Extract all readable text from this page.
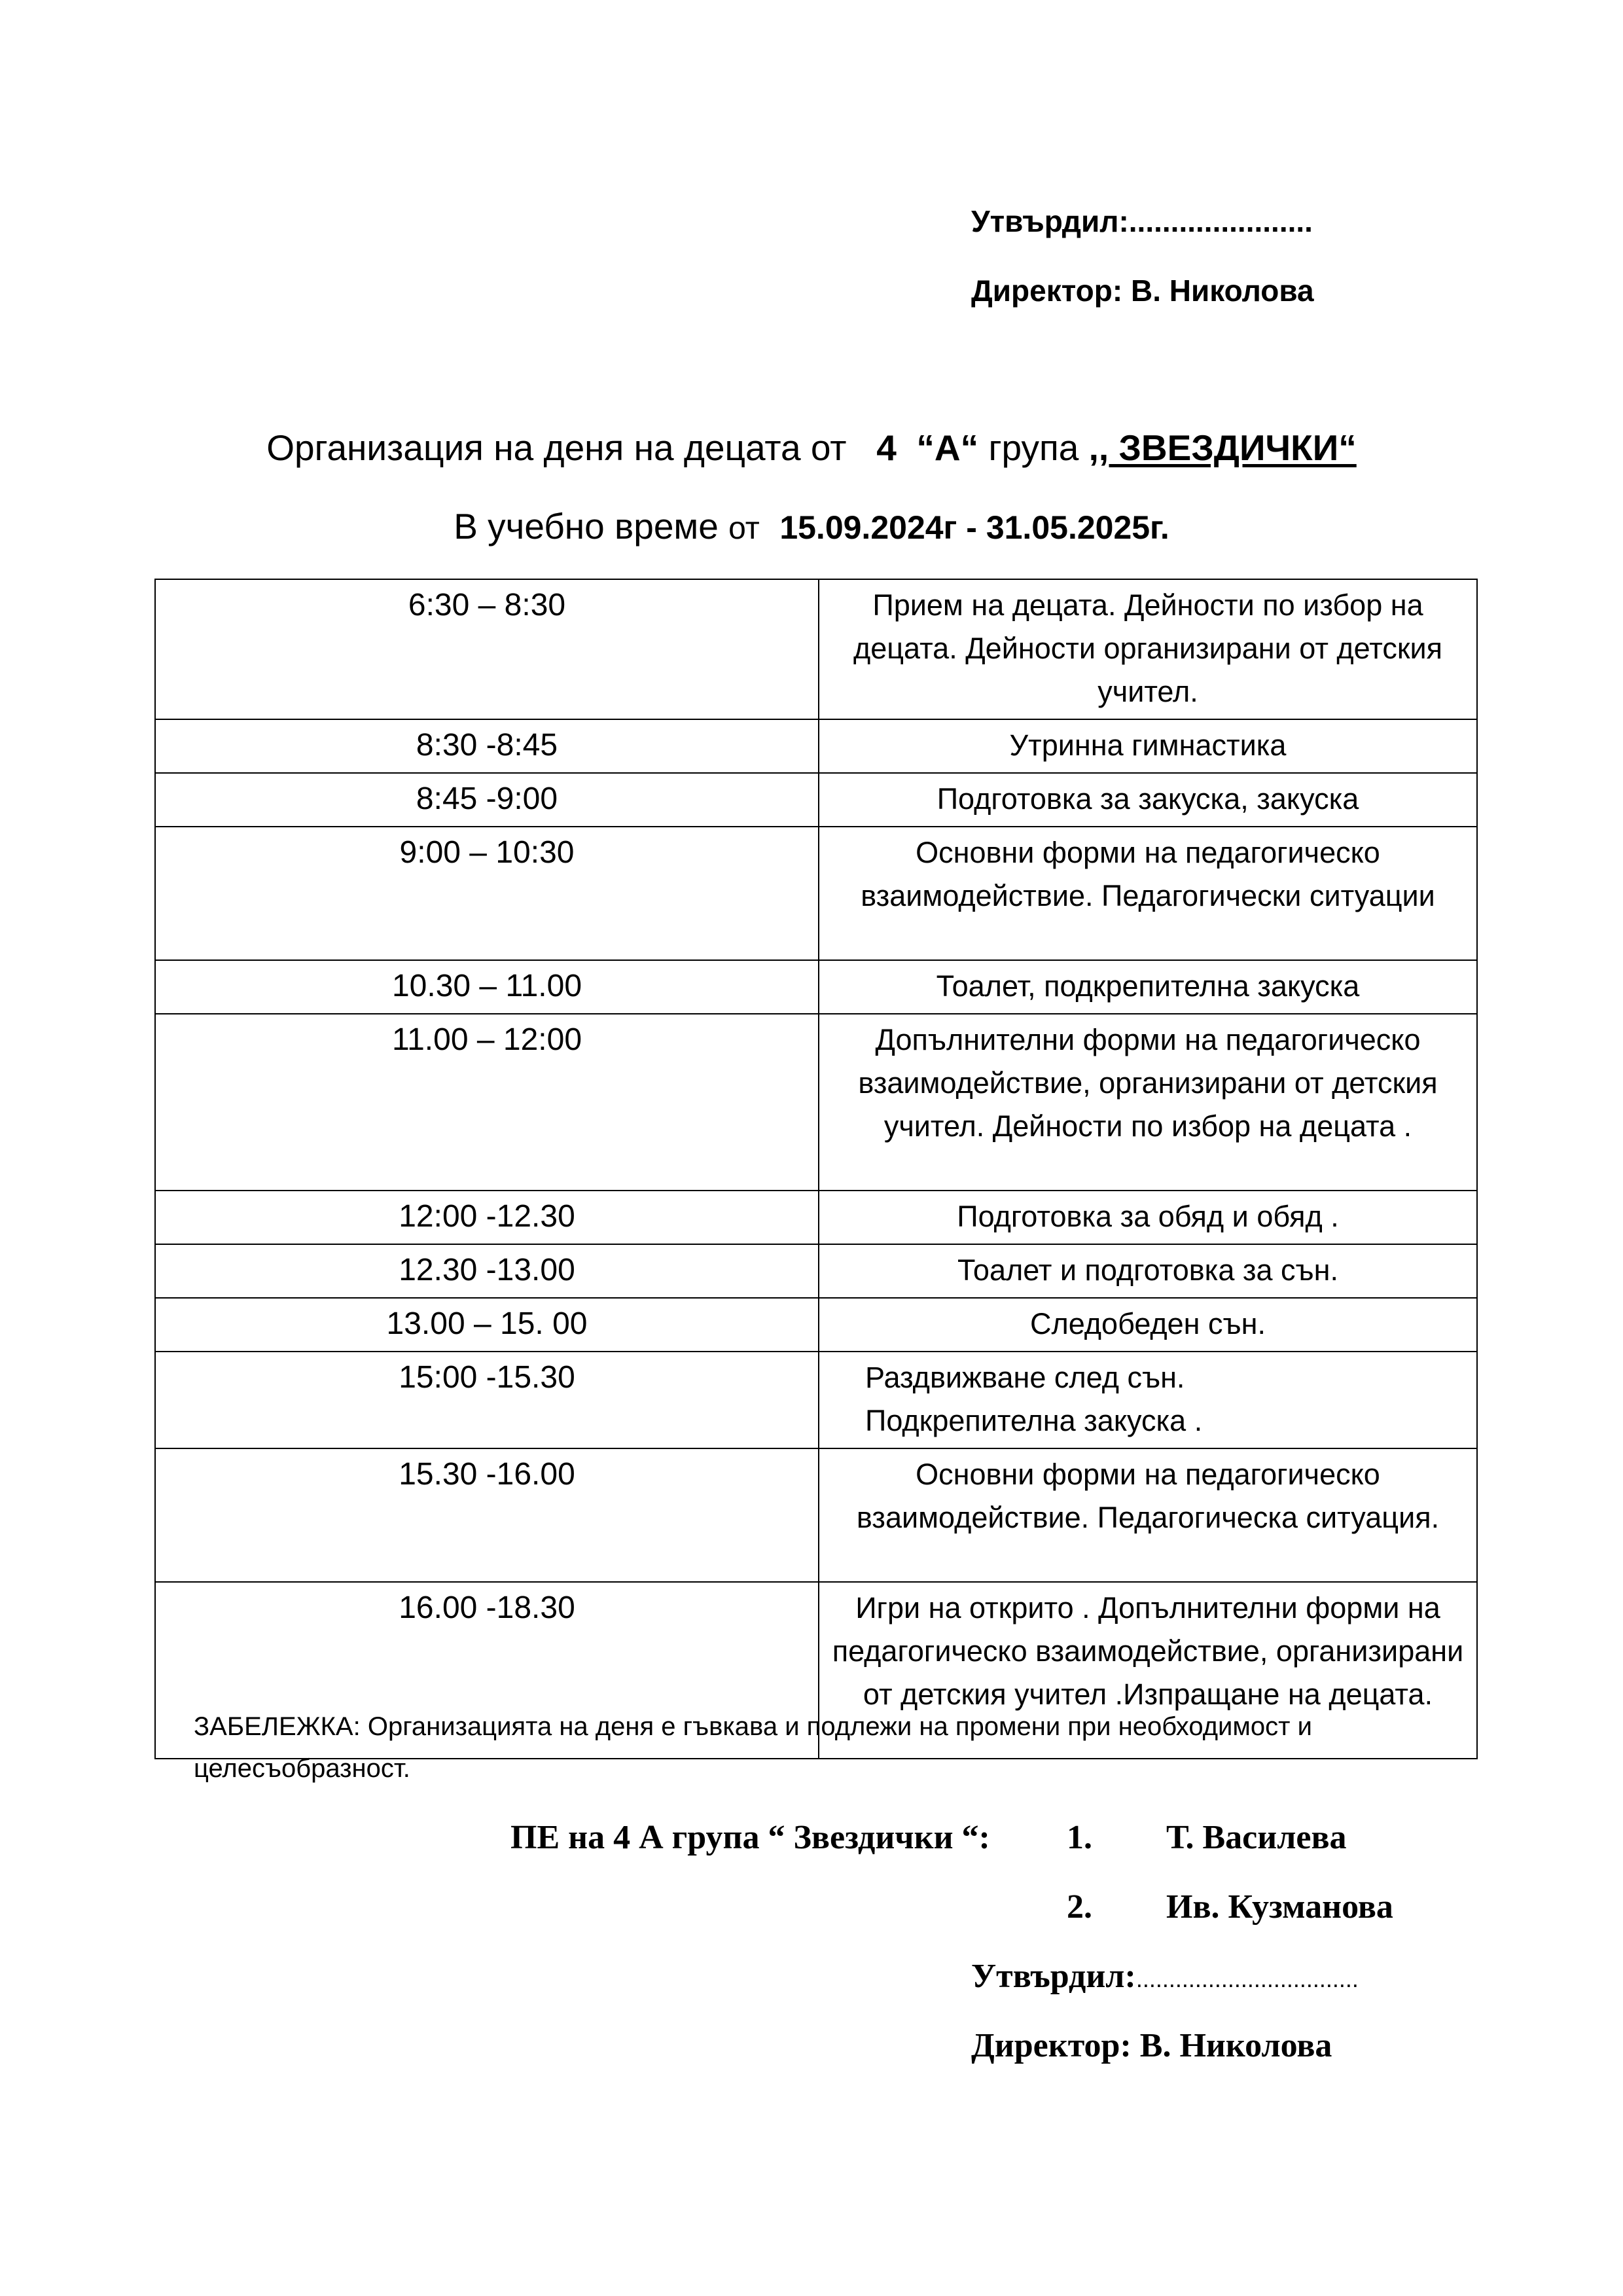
Утвърдил:......................
Директор: В. Николова
Организация на деня на децата от 4 “А“ група ,, ЗВЕЗДИЧКИ“
В учебно време от 15.09.2024г - 31.05.2025г.
6:30 – 8:30	Прием на децата. Дейности по избор на децата. Дейности организирани от детския учител.
8:30 -8:45	Утринна гимнастика
8:45 -9:00	Подготовка за закуска, закуска
9:00 – 10:30	Основни форми на педагогическо взаимодействие. Педагогически ситуации
10.30 – 11.00	Тоалет, подкрепителна закуска
11.00 – 12:00	Допълнителни форми на педагогическо взаимодействие, организирани от детския учител. Дейности по избор на децата .
12:00 -12.30	Подготовка за обяд и обяд .
12.30 -13.00	Тоалет и подготовка за сън.
13.00 – 15. 00	Следобеден сън.
15:00 -15.30	Раздвижване след сън.
Подкрепителна закуска .

15.30 -16.00	Основни форми на педагогическо взаимодействие. Педагогическа ситуация.
16.00 -18.30	Игри на открито . Допълнителни форми на педагогическо взаимодействие, организирани от детския учител .Изпращане на децата.
ЗАБЕЛЕЖКА: Организацията на деня е гъвкава и подлежи на промени при необходимост и целесъобразност.
ПЕ на 4 А група “ Звездички “: 1. Т. Василева
2. Ив. Кузманова
Утвърдил:..................................
Директор: В. Николова
